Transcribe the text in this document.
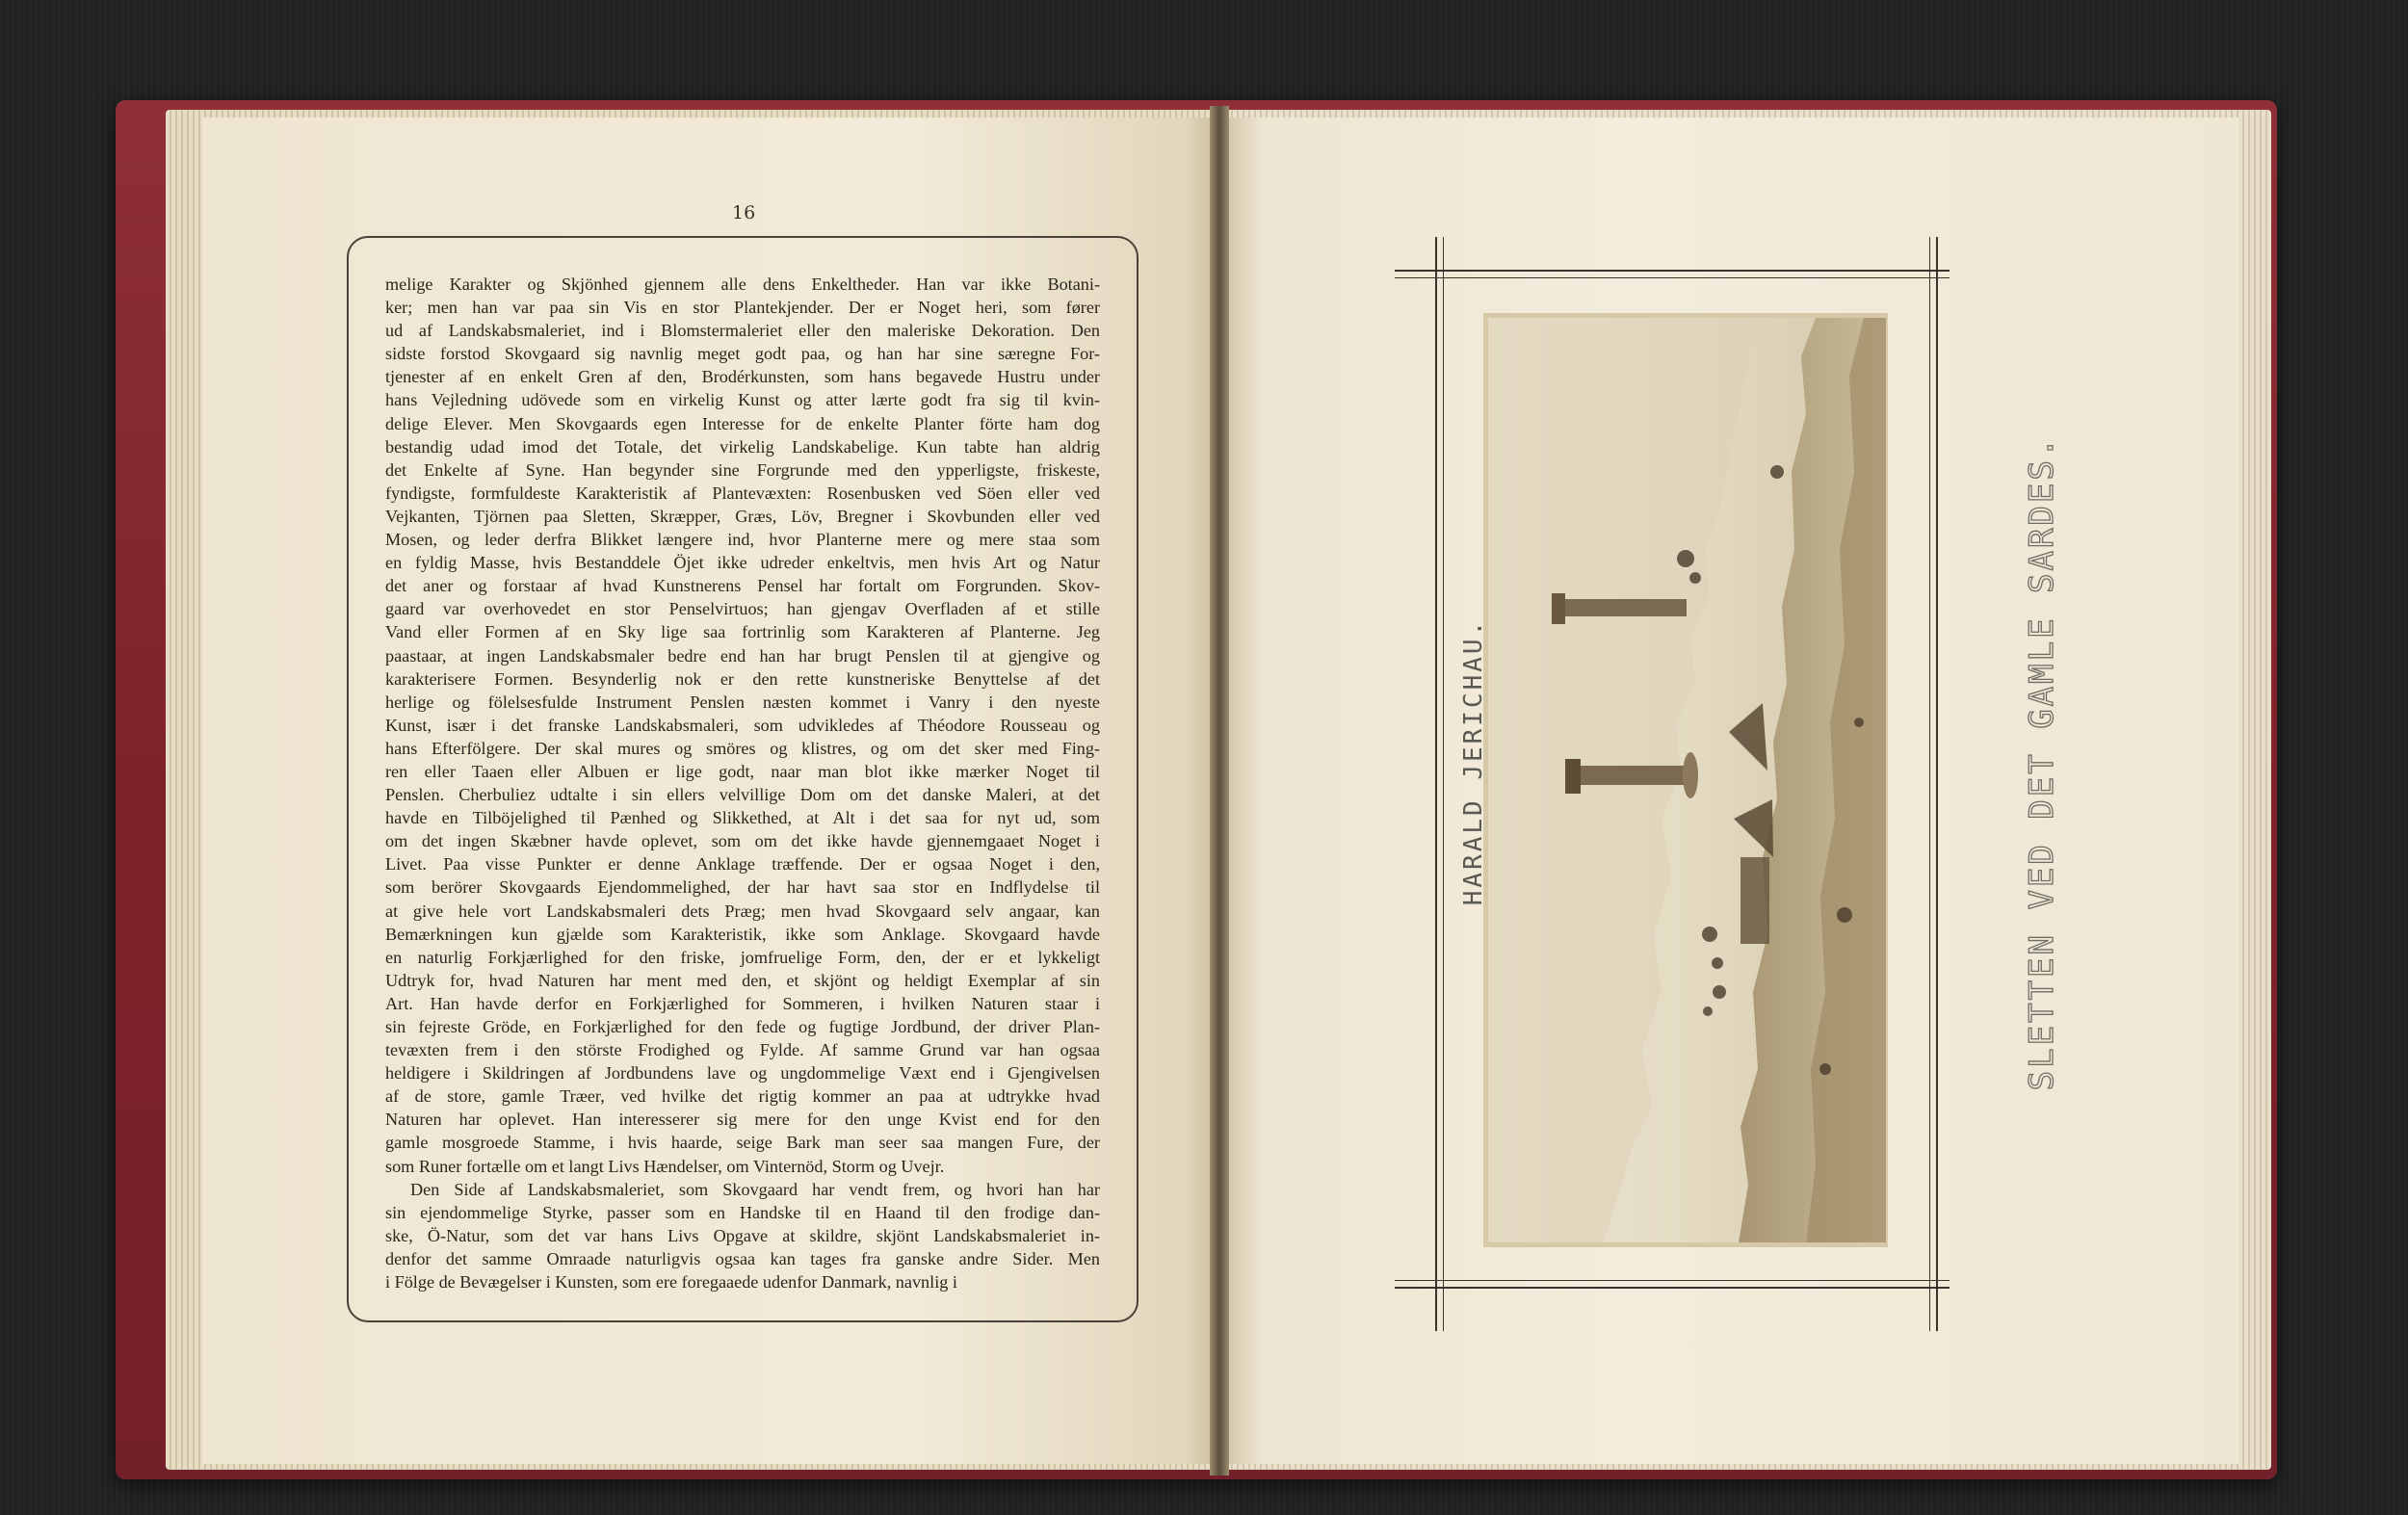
16
melige Karakter og Skjönhed gjennem alle dens Enkeltheder. Han var ikke Botani-
ker; men han var paa sin Vis en stor Plantekjender. Der er Noget heri, som fører
ud af Landskabsmaleriet, ind i Blomstermaleriet eller den maleriske Dekoration. Den
sidste forstod Skovgaard sig navnlig meget godt paa, og han har sine særegne For-
tjenester af en enkelt Gren af den, Brodérkunsten, som hans begavede Hustru under
hans Vejledning udövede som en virkelig Kunst og atter lærte godt fra sig til kvin-
delige Elever. Men Skovgaards egen Interesse for de enkelte Planter förte ham dog
bestandig udad imod det Totale, det virkelig Landskabelige. Kun tabte han aldrig
det Enkelte af Syne. Han begynder sine Forgrunde med den ypperligste, friskeste,
fyndigste, formfuldeste Karakteristik af Plantevæxten: Rosenbusken ved Söen eller ved
Vejkanten, Tjörnen paa Sletten, Skræpper, Græs, Löv, Bregner i Skovbunden eller ved
Mosen, og leder derfra Blikket længere ind, hvor Planterne mere og mere staa som
en fyldig Masse, hvis Bestanddele Öjet ikke udreder enkeltvis, men hvis Art og Natur
det aner og forstaar af hvad Kunstnerens Pensel har fortalt om Forgrunden. Skov-
gaard var overhovedet en stor Penselvirtuos; han gjengav Overfladen af et stille
Vand eller Formen af en Sky lige saa fortrinlig som Karakteren af Planterne. Jeg
paastaar, at ingen Landskabsmaler bedre end han har brugt Penslen til at gjengive og
karakterisere Formen. Besynderlig nok er den rette kunstneriske Benyttelse af det
herlige og fölelsesfulde Instrument Penslen næsten kommet i Vanry i den nyeste
Kunst, især i det franske Landskabsmaleri, som udvikledes af Théodore Rousseau og
hans Efterfölgere. Der skal mures og smöres og klistres, og om det sker med Fing-
ren eller Taaen eller Albuen er lige godt, naar man blot ikke mærker Noget til
Penslen. Cherbuliez udtalte i sin ellers velvillige Dom om det danske Maleri, at det
havde en Tilböjelighed til Pænhed og Slikkethed, at Alt i det saa for nyt ud, som
om det ingen Skæbner havde oplevet, som om det ikke havde gjennemgaaet Noget i
Livet. Paa visse Punkter er denne Anklage træffende. Der er ogsaa Noget i den,
som berörer Skovgaards Ejendommelighed, der har havt saa stor en Indflydelse til
at give hele vort Landskabsmaleri dets Præg; men hvad Skovgaard selv angaar, kan
Bemærkningen kun gjælde som Karakteristik, ikke som Anklage. Skovgaard havde
en naturlig Forkjærlighed for den friske, jomfruelige Form, den, der er et lykkeligt
Udtryk for, hvad Naturen har ment med den, et skjönt og heldigt Exemplar af sin
Art. Han havde derfor en Forkjærlighed for Sommeren, i hvilken Naturen staar i
sin fejreste Gröde, en Forkjærlighed for den fede og fugtige Jordbund, der driver Plan-
tevæxten frem i den störste Frodighed og Fylde. Af samme Grund var han ogsaa
heldigere i Skildringen af Jordbundens lave og ungdommelige Væxt end i Gjengivelsen
af de store, gamle Træer, ved hvilke det rigtig kommer an paa at udtrykke hvad
Naturen har oplevet. Han interesserer sig mere for den unge Kvist end for den
gamle mosgroede Stamme, i hvis haarde, seige Bark man seer saa mangen Fure, der
som Runer fortælle om et langt Livs Hændelser, om Vinternöd, Storm og Uvejr.
Den Side af Landskabsmaleriet, som Skovgaard har vendt frem, og hvori han har
sin ejendommelige Styrke, passer som en Handske til en Haand til den frodige dan-
ske, Ö-Natur, som det var hans Livs Opgave at skildre, skjönt Landskabsmaleriet in-
denfor det samme Omraade naturligvis ogsaa kan tages fra ganske andre Sider. Men
i Fölge de Bevægelser i Kunsten, som ere foregaaede udenfor Danmark, navnlig i
HARALD JERICHAU.	SLETTEN VED DET GAMLE SARDES.
